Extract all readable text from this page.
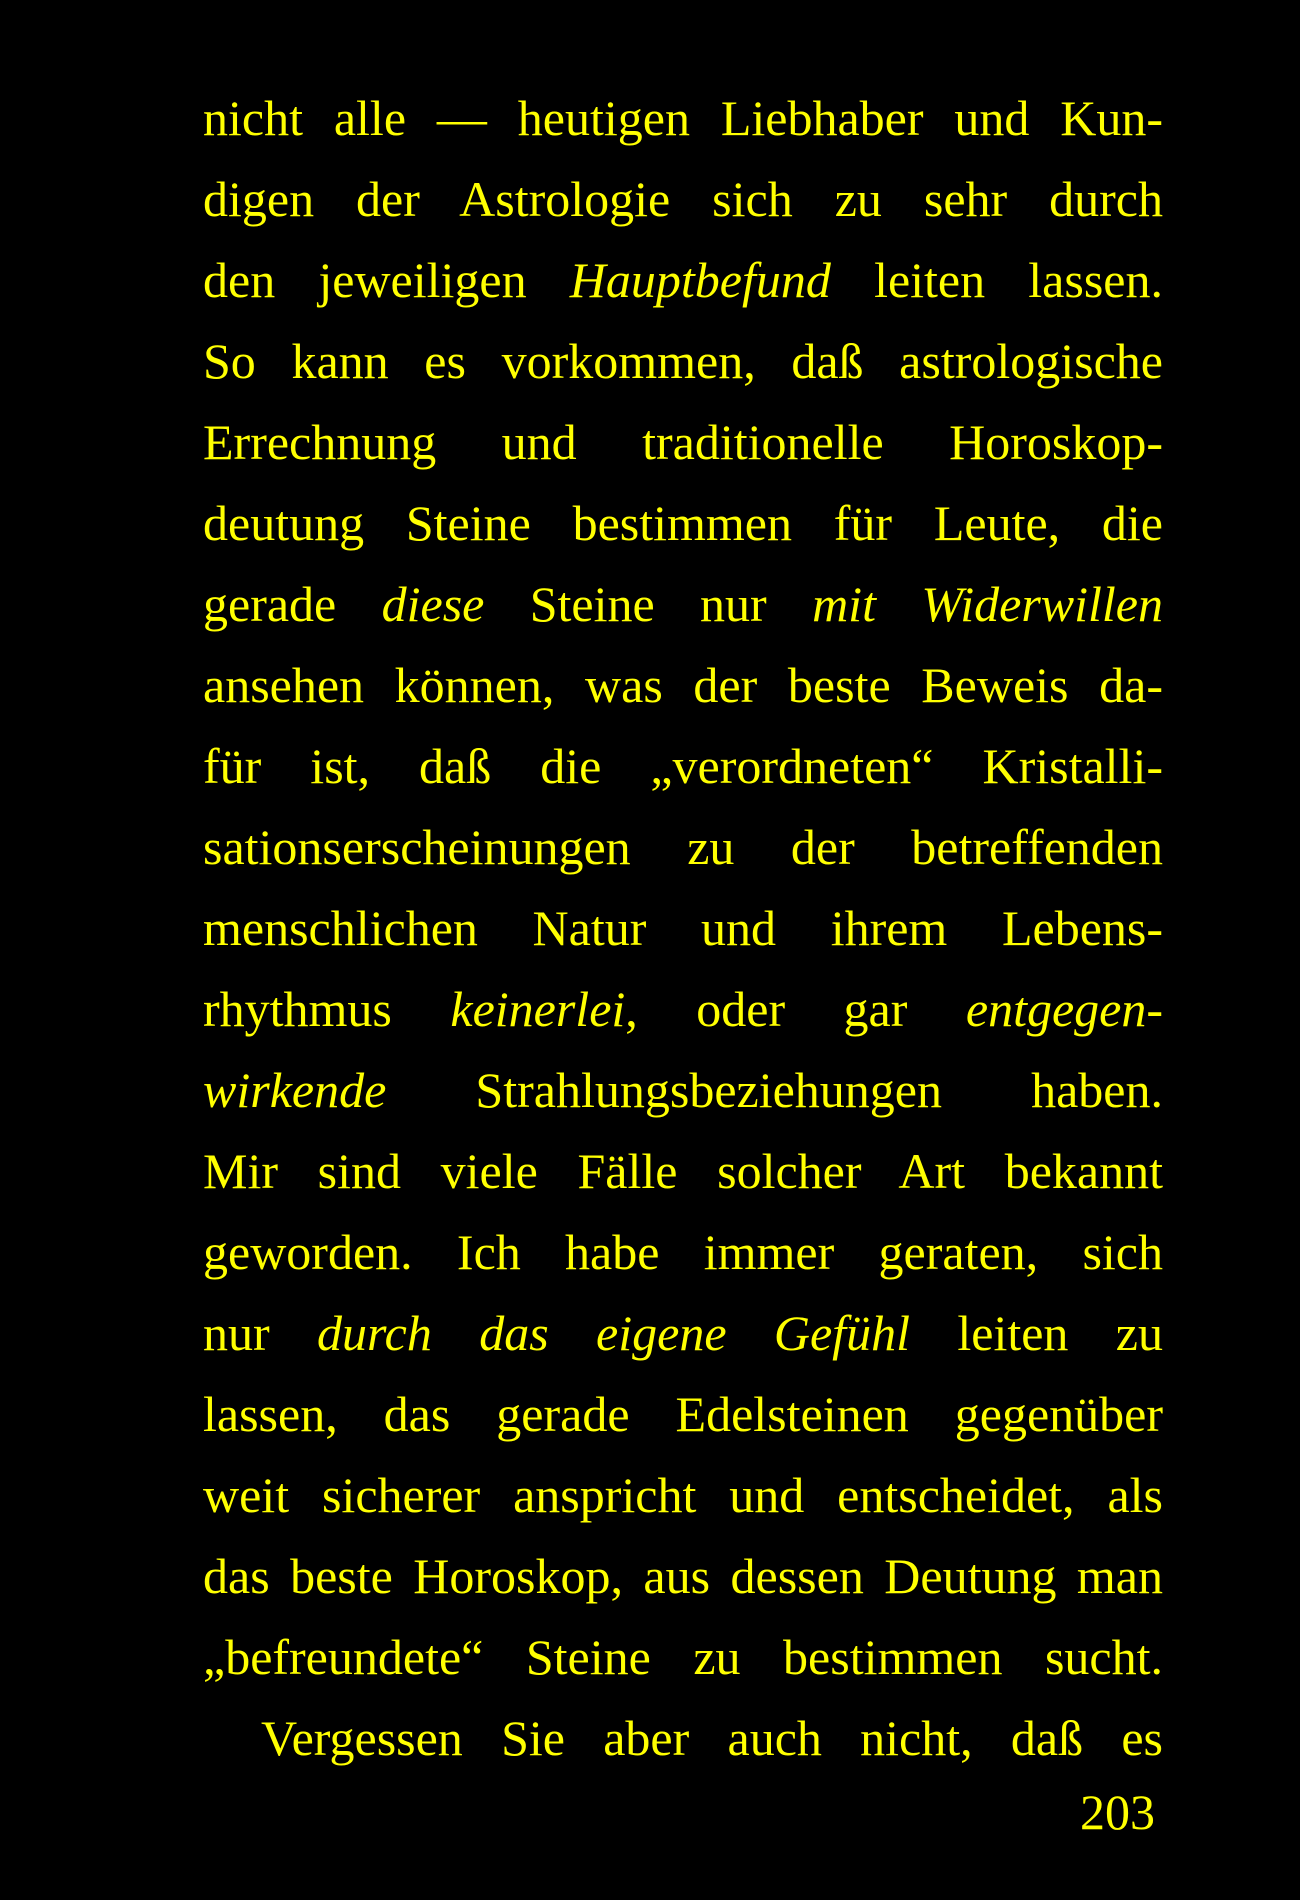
nicht alle — heutigen Liebhaber und Kun-
digen der Astrologie sich zu sehr durch
den jeweiligen Hauptbefund leiten lassen.
So kann es vorkommen, daß astrologische
Errechnung und traditionelle Horoskop-
deutung Steine bestimmen für Leute, die
gerade diese Steine nur mit Widerwillen
ansehen können, was der beste Beweis da-
für ist, daß die „verordneten“ Kristalli-
sationserscheinungen zu der betreffenden
menschlichen Natur und ihrem Lebens-
rhythmus keinerlei, oder gar entgegen-
wirkende Strahlungsbeziehungen haben.
Mir sind viele Fälle solcher Art bekannt
geworden. Ich habe immer geraten, sich
nur durch das eigene Gefühl leiten zu
lassen, das gerade Edelsteinen gegenüber
weit sicherer anspricht und entscheidet, als
das beste Horoskop, aus dessen Deutung man
„befreundete“ Steine zu bestimmen sucht.
Vergessen Sie aber auch nicht, daß es
203
